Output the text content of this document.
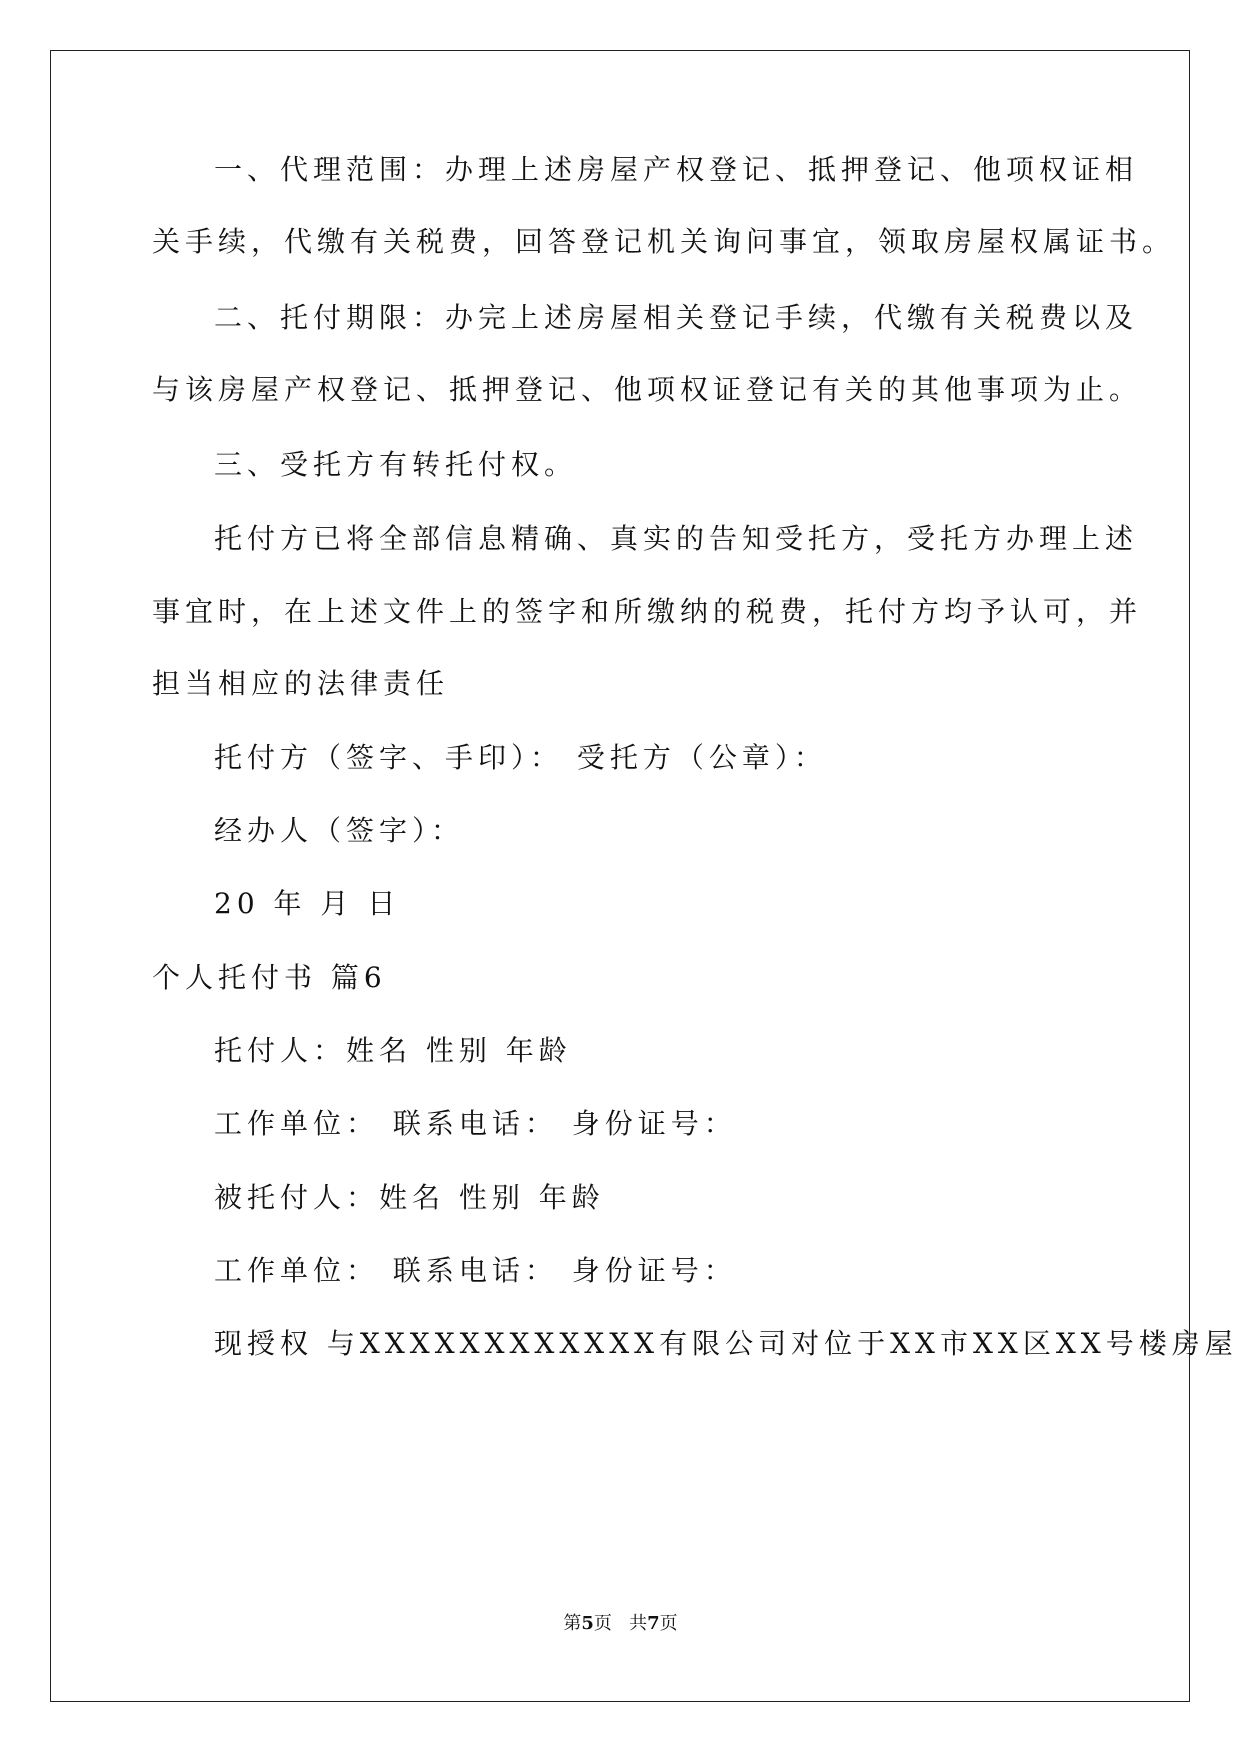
一、代理范围：办理上述房屋产权登记、抵押登记、他项权证相
关手续，代缴有关税费，回答登记机关询问事宜，领取房屋权属证书。
二、托付期限：办完上述房屋相关登记手续，代缴有关税费以及
与该房屋产权登记、抵押登记、他项权证登记有关的其他事项为止。
三、受托方有转托付权。
托付方已将全部信息精确、真实的告知受托方，受托方办理上述
事宜时，在上述文件上的签字和所缴纳的税费，托付方均予认可，并
担当相应的法律责任
托付方（签字、手印）： 受托方（公章）：
经办人（签字）：
20 年 月 日
个人托付书 篇6
托付人：姓名 性别 年龄
工作单位： 联系电话： 身份证号：
被托付人：姓名 性别 年龄
工作单位： 联系电话： 身份证号：
现授权 与XXXXXXXXXXXX有限公司对位于XX市XX区XX号楼房屋
第5页   共7页
